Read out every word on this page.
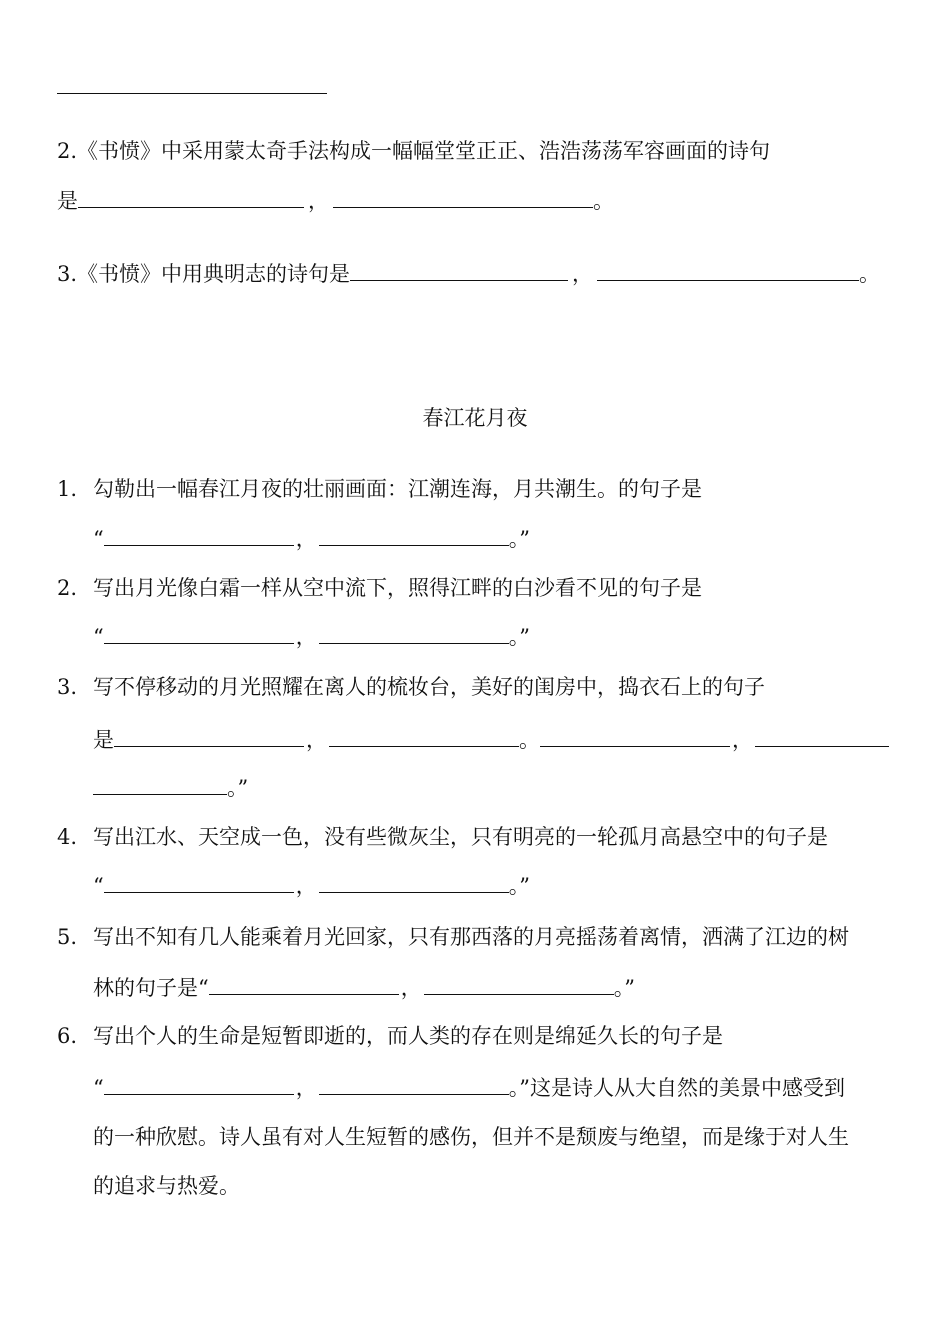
2.《书愤》中采用蒙太奇手法构成一幅幅堂堂正正、浩浩荡荡军容画面的诗句
是	，	。
3.《书愤》中用典明志的诗句是	，	。
春江花月夜
1. 勾勒出一幅春江月夜的壮丽画面：江潮连海，月共潮生。的句子是
“	，	。”
2. 写出月光像白霜一样从空中流下，照得江畔的白沙看不见的句子是
“	，	。”
3. 写不停移动的月光照耀在离人的梳妆台，美好的闺房中，捣衣石上的句子
是	，	。	，
。”
4. 写出江水、天空成一色，没有些微灰尘，只有明亮的一轮孤月高悬空中的句子是
“	，	。”
5. 写出不知有几人能乘着月光回家，只有那西落的月亮摇荡着离情，洒满了江边的树
林的句子是“	，	。”
6. 写出个人的生命是短暂即逝的，而人类的存在则是绵延久长的句子是
“	，	。”这是诗人从大自然的美景中感受到
的一种欣慰。诗人虽有对人生短暂的感伤，但并不是颓废与绝望，而是缘于对人生
的追求与热爱。
